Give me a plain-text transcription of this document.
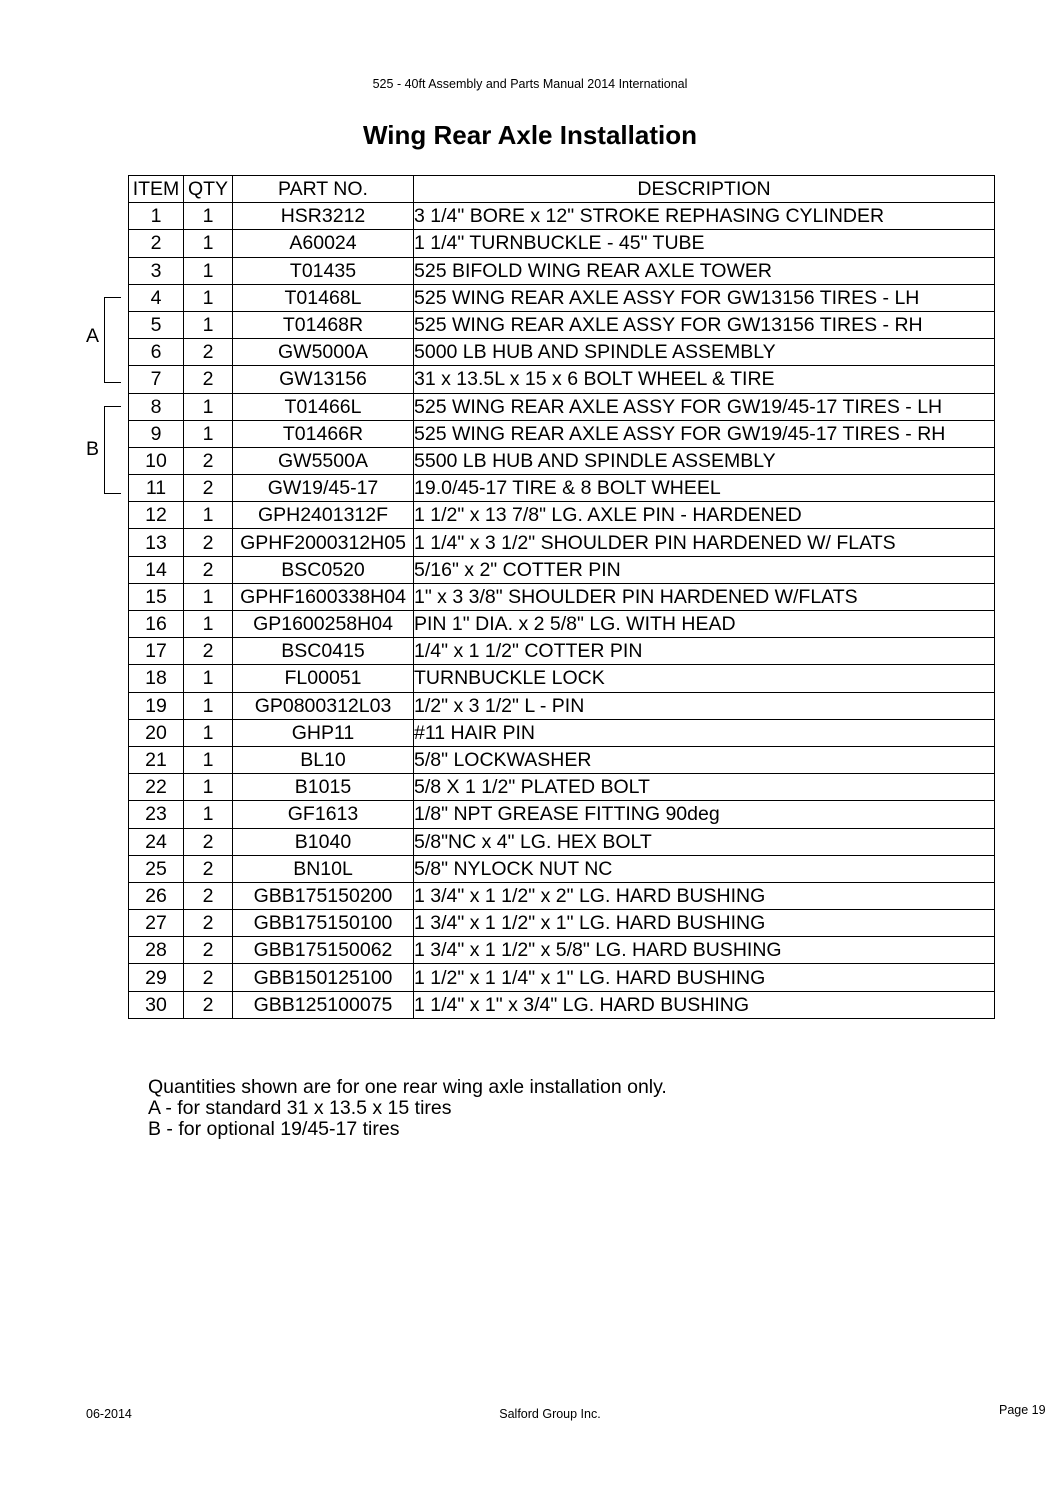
525 - 40ft Assembly and Parts Manual 2014 International
Wing Rear Axle Installation
ITEM	QTY	PART NO.	DESCRIPTION
1	1	HSR3212	3 1/4" BORE x 12" STROKE REPHASING CYLINDER
2	1	A60024	1 1/4" TURNBUCKLE - 45" TUBE
3	1	T01435	525 BIFOLD WING REAR AXLE TOWER
4	1	T01468L	525 WING REAR AXLE ASSY FOR GW13156 TIRES - LH
5	1	T01468R	525 WING REAR AXLE ASSY FOR GW13156 TIRES - RH
6	2	GW5000A	5000 LB HUB AND SPINDLE ASSEMBLY
7	2	GW13156	31 x 13.5L x 15 x 6 BOLT WHEEL & TIRE
8	1	T01466L	525 WING REAR AXLE ASSY FOR GW19/45-17 TIRES - LH
9	1	T01466R	525 WING REAR AXLE ASSY FOR GW19/45-17 TIRES - RH
10	2	GW5500A	5500 LB HUB AND SPINDLE ASSEMBLY
11	2	GW19/45-17	19.0/45-17 TIRE & 8 BOLT WHEEL
12	1	GPH2401312F	1 1/2" x 13 7/8" LG. AXLE PIN - HARDENED
13	2	GPHF2000312H05	1 1/4" x 3 1/2" SHOULDER PIN HARDENED W/ FLATS
14	2	BSC0520	5/16" x 2" COTTER PIN
15	1	GPHF1600338H04	1" x 3 3/8" SHOULDER PIN HARDENED W/FLATS
16	1	GP1600258H04	PIN 1" DIA. x 2 5/8" LG. WITH HEAD
17	2	BSC0415	1/4" x 1 1/2" COTTER PIN
18	1	FL00051	TURNBUCKLE LOCK
19	1	GP0800312L03	1/2" x 3 1/2" L - PIN
20	1	GHP11	#11 HAIR PIN
21	1	BL10	5/8" LOCKWASHER
22	1	B1015	5/8 X 1 1/2" PLATED BOLT
23	1	GF1613	1/8" NPT GREASE FITTING 90deg
24	2	B1040	5/8"NC x 4" LG. HEX BOLT
25	2	BN10L	5/8" NYLOCK NUT NC
26	2	GBB175150200	1 3/4" x 1 1/2" x 2" LG. HARD BUSHING
27	2	GBB175150100	1 3/4" x 1 1/2" x 1" LG. HARD BUSHING
28	2	GBB175150062	1 3/4" x 1 1/2" x 5/8" LG. HARD BUSHING
29	2	GBB150125100	1 1/2" x 1 1/4" x 1" LG. HARD BUSHING
30	2	GBB125100075	1 1/4" x 1" x 3/4" LG. HARD BUSHING
A
B
Quantities shown are for one rear wing axle installation only.
A - for standard 31 x 13.5 x 15 tires
B - for optional 19/45-17 tires
06-2014	Salford Group Inc.	Page 19
